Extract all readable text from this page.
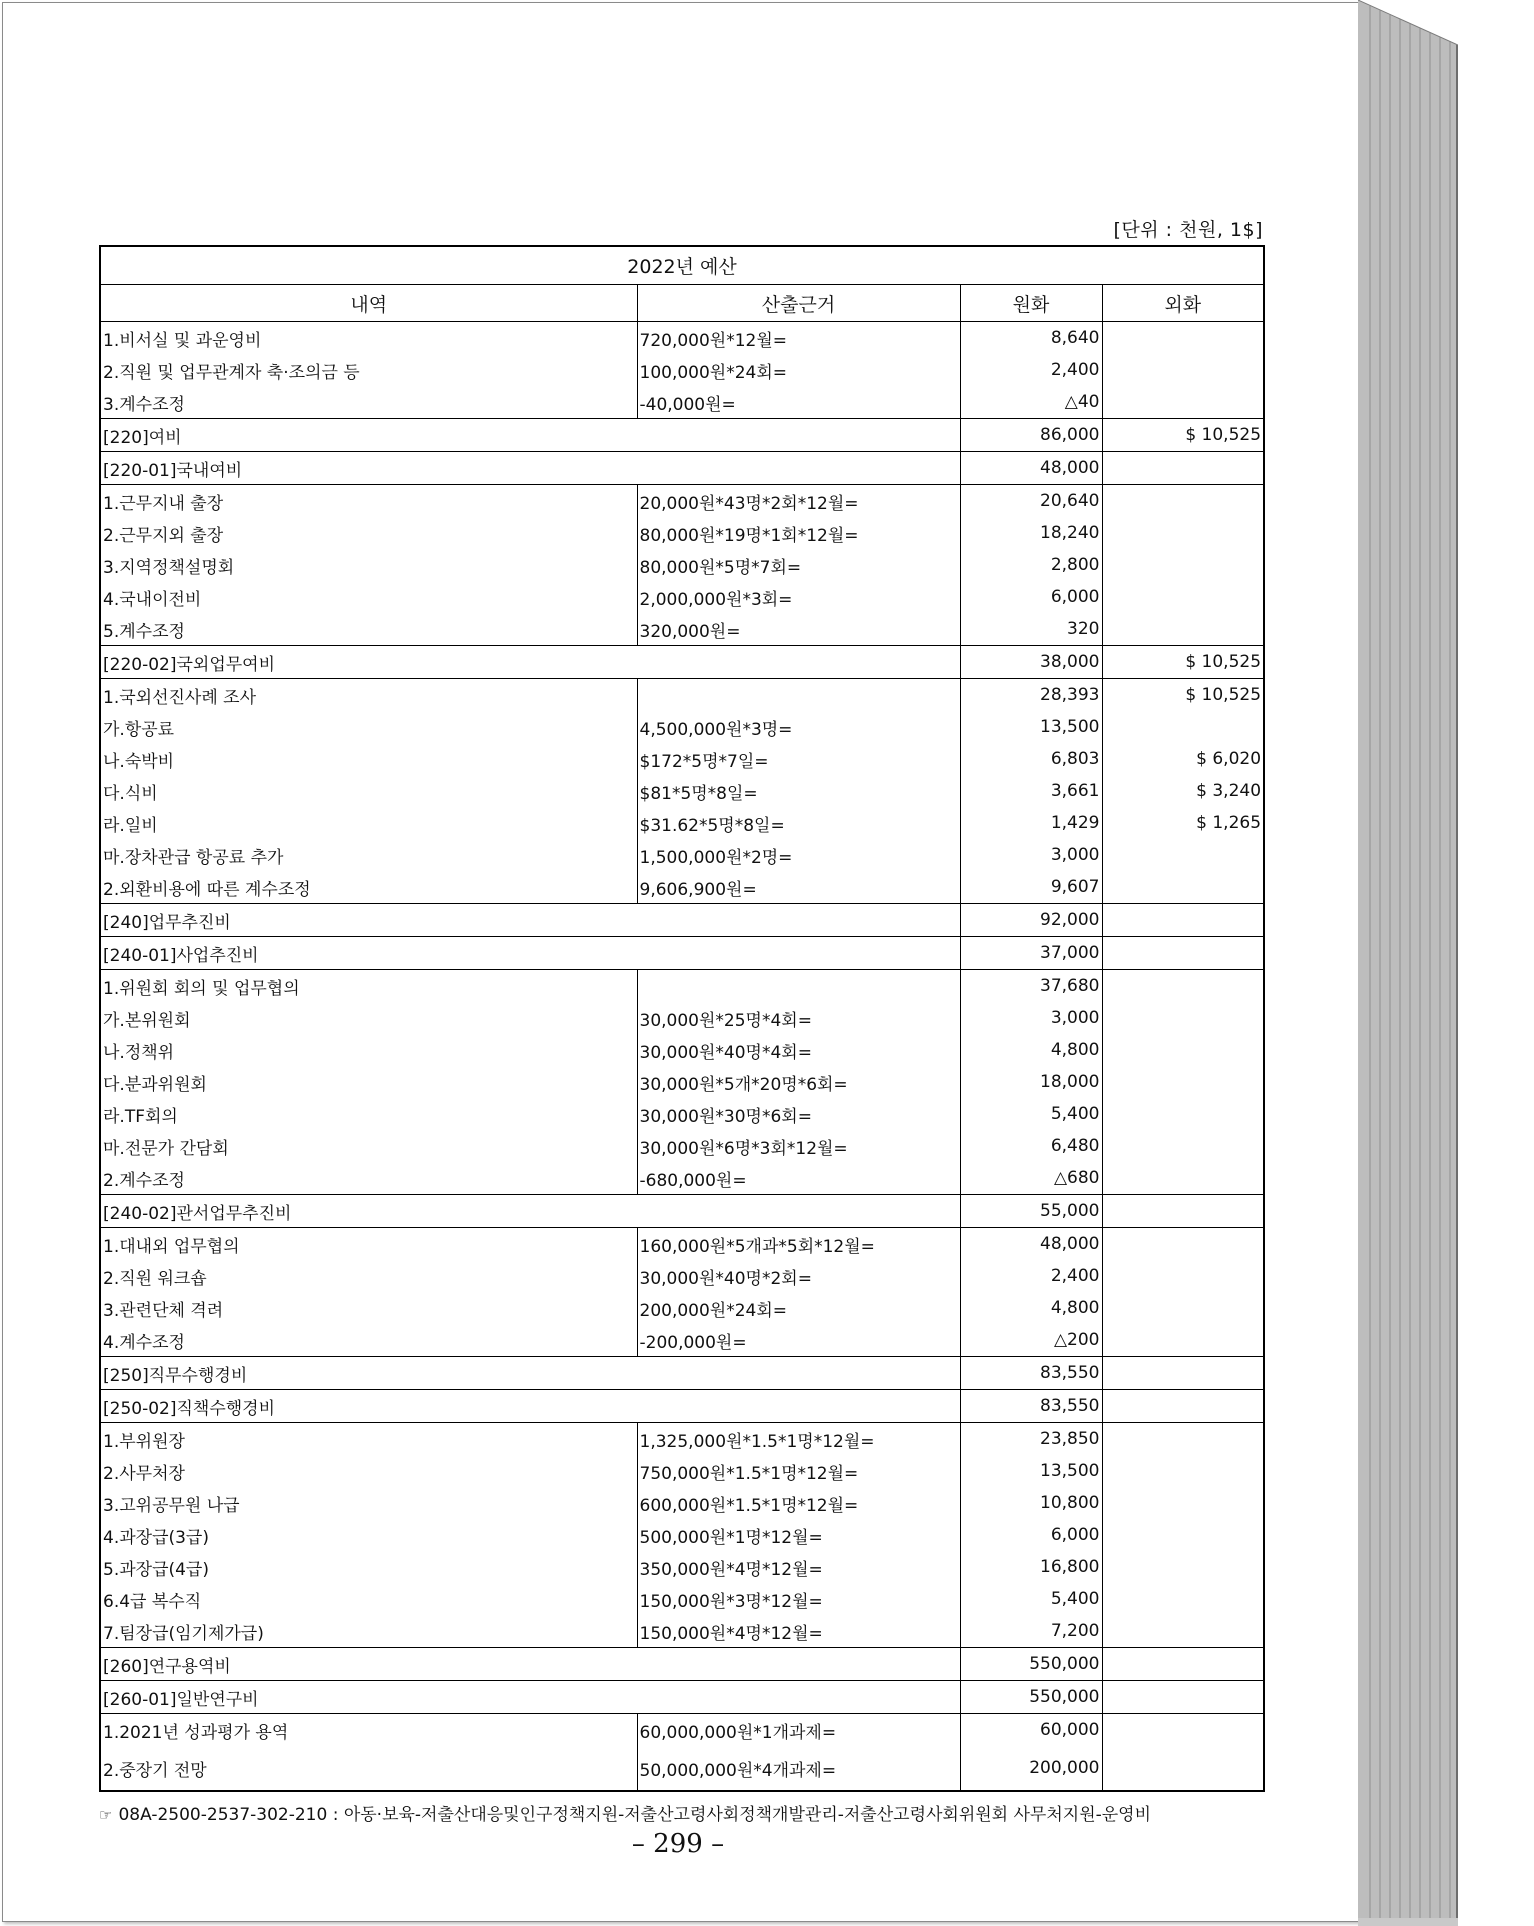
[단위 : 천원, 1$]
2022년 예산			
내역	산출근거	원화	외화
1.비서실 및 과운영비	720,000원*12월=	8,640	
2.직원 및 업무관계자 축·조의금 등	100,000원*24회=	2,400	
3.계수조정	-40,000원=	△40	
[220]여비		86,000	$ 10,525
[220-01]국내여비		48,000	
1.근무지내 출장	20,000원*43명*2회*12월=	20,640	
2.근무지외 출장	80,000원*19명*1회*12월=	18,240	
3.지역정책설명회	80,000원*5명*7회=	2,800	
4.국내이전비	2,000,000원*3회=	6,000	
5.계수조정	320,000원=	320	
[220-02]국외업무여비		38,000	$ 10,525
1.국외선진사례 조사		28,393	$ 10,525
가.항공료	4,500,000원*3명=	13,500	
나.숙박비	$172*5명*7일=	6,803	$ 6,020
다.식비	$81*5명*8일=	3,661	$ 3,240
라.일비	$31.62*5명*8일=	1,429	$ 1,265
마.장차관급 항공료 추가	1,500,000원*2명=	3,000	
2.외환비용에 따른 계수조정	9,606,900원=	9,607	
[240]업무추진비		92,000	
[240-01]사업추진비		37,000	
1.위원회 회의 및 업무협의		37,680	
가.본위원회	30,000원*25명*4회=	3,000	
나.정책위	30,000원*40명*4회=	4,800	
다.분과위원회	30,000원*5개*20명*6회=	18,000	
라.TF회의	30,000원*30명*6회=	5,400	
마.전문가 간담회	30,000원*6명*3회*12월=	6,480	
2.계수조정	-680,000원=	△680	
[240-02]관서업무추진비		55,000	
1.대내외 업무협의	160,000원*5개과*5회*12월=	48,000	
2.직원 워크숍	30,000원*40명*2회=	2,400	
3.관련단체 격려	200,000원*24회=	4,800	
4.계수조정	-200,000원=	△200	
[250]직무수행경비		83,550	
[250-02]직책수행경비		83,550	
1.부위원장	1,325,000원*1.5*1명*12월=	23,850	
2.사무처장	750,000원*1.5*1명*12월=	13,500	
3.고위공무원 나급	600,000원*1.5*1명*12월=	10,800	
4.과장급(3급)	500,000원*1명*12월=	6,000	
5.과장급(4급)	350,000원*4명*12월=	16,800	
6.4급 복수직	150,000원*3명*12월=	5,400	
7.팀장급(임기제가급)	150,000원*4명*12월=	7,200	
[260]연구용역비		550,000	
[260-01]일반연구비		550,000	
1.2021년 성과평가 용역	60,000,000원*1개과제=	60,000	
2.중장기 전망	50,000,000원*4개과제=	200,000	
☞ 08A-2500-2537-302-210 : 아동·보육-저출산대응및인구정책지원-저출산고령사회정책개발관리-저출산고령사회위원회 사무처지원-운영비
– 299 –
